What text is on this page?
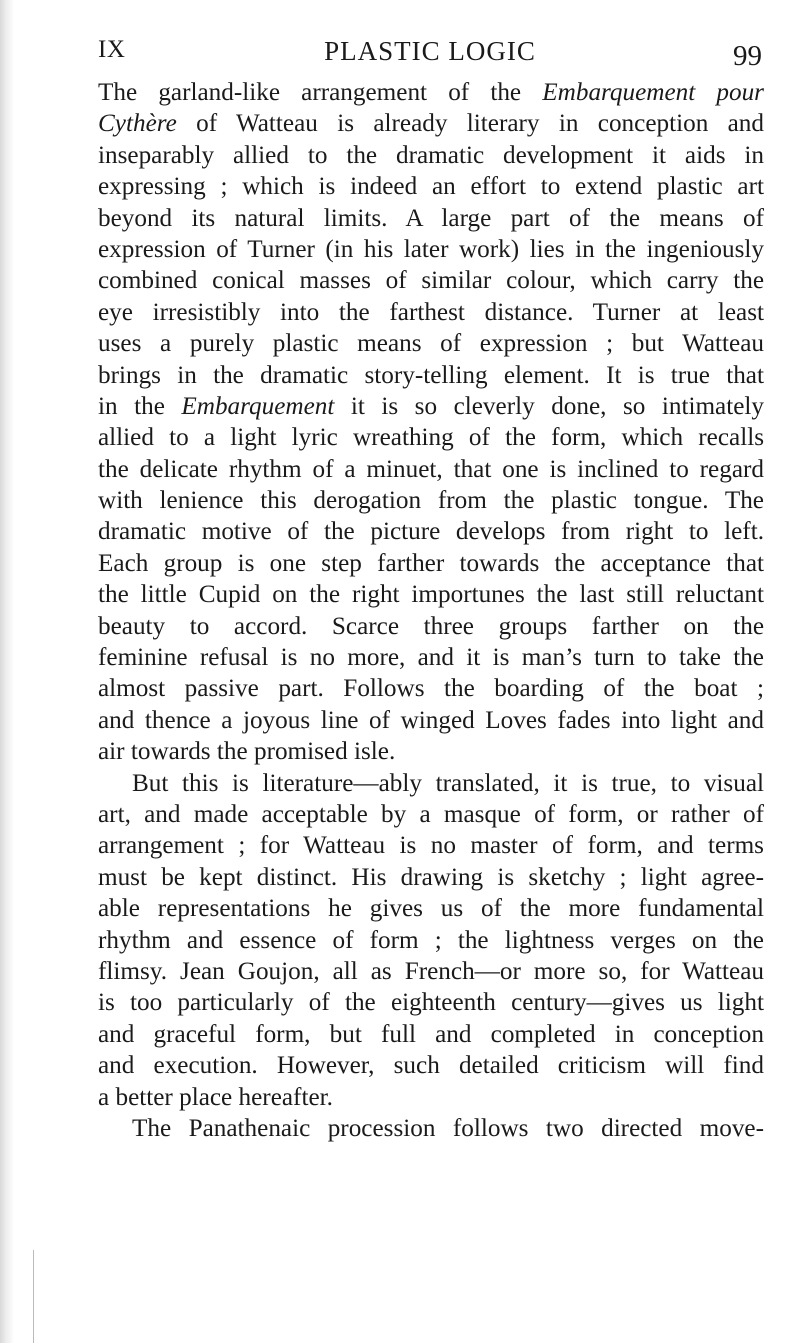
IX	PLASTIC LOGIC	99
The garland-like arrangement of the Embarquement pour
Cythère of Watteau is already literary in conception and
inseparably allied to the dramatic development it aids in
expressing ; which is indeed an effort to extend plastic art
beyond its natural limits. A large part of the means of
expression of Turner (in his later work) lies in the ingeniously
combined conical masses of similar colour, which carry the
eye irresistibly into the farthest distance. Turner at least
uses a purely plastic means of expression ; but Watteau
brings in the dramatic story-telling element. It is true that
in the Embarquement it is so cleverly done, so intimately
allied to a light lyric wreathing of the form, which recalls
the delicate rhythm of a minuet, that one is inclined to regard
with lenience this derogation from the plastic tongue. The
dramatic motive of the picture develops from right to left.
Each group is one step farther towards the acceptance that
the little Cupid on the right importunes the last still reluctant
beauty to accord. Scarce three groups farther on the
feminine refusal is no more, and it is man’s turn to take the
almost passive part. Follows the boarding of the boat ;
and thence a joyous line of winged Loves fades into light and
air towards the promised isle.
But this is literature—ably translated, it is true, to visual
art, and made acceptable by a masque of form, or rather of
arrangement ; for Watteau is no master of form, and terms
must be kept distinct. His drawing is sketchy ; light agree-
able representations he gives us of the more fundamental
rhythm and essence of form ; the lightness verges on the
flimsy. Jean Goujon, all as French—or more so, for Watteau
is too particularly of the eighteenth century—gives us light
and graceful form, but full and completed in conception
and execution. However, such detailed criticism will find
a better place hereafter.
The Panathenaic procession follows two directed move-
